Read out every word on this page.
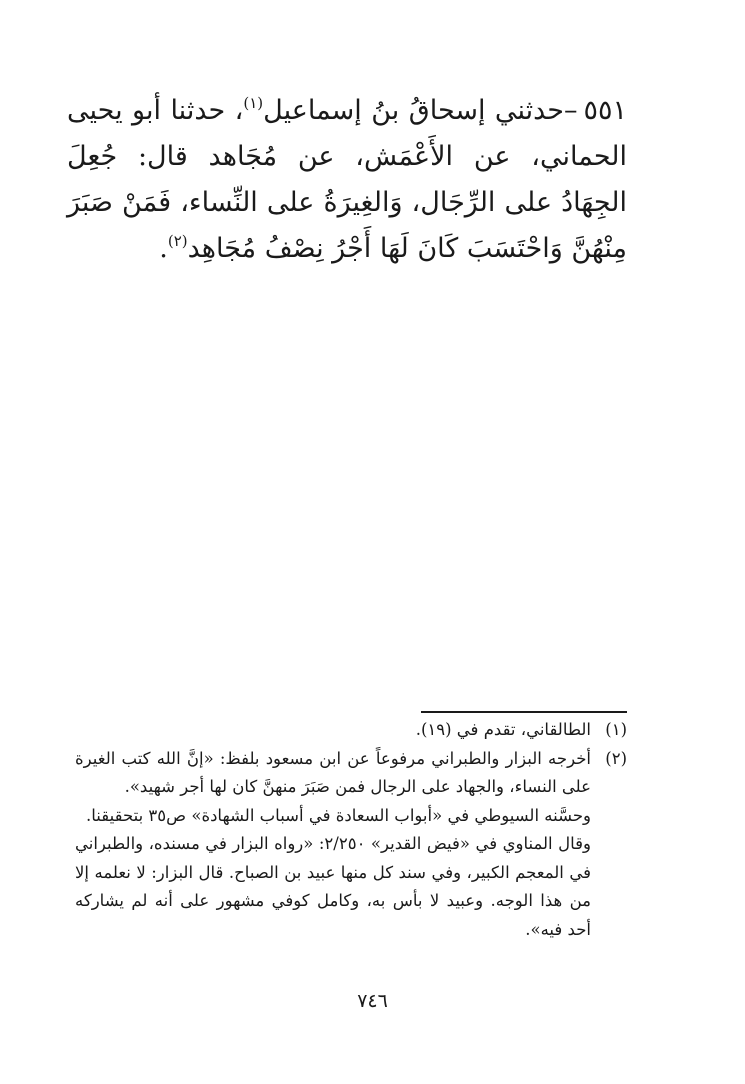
٥٥١–حدثني إسحاقُ بنُ إسماعيل$^{(١)}$، حدثنا أبو يحيى الحماني، عن الأَعْمَش، عن مُجَاهد قال: جُعِلَ الجِهَادُ على الرِّجَال، وَالغِيرَةُ على النِّساء، فَمَنْ صَبَرَ مِنْهُنَّ وَاحْتَسَبَ كَانَ لَهَا أَجْرُ نِصْفُ مُجَاهِد$^{(٢)}$.

(١)

الطالقاني، تقدم في (١٩).

(٢)

أخرجه البزار والطبراني مرفوعاً عن ابن مسعود بلفظ: «إنَّ الله كتب الغيرة على النساء، والجهاد على الرجال فمن صَبَرَ منهنَّ كان لها أجر شهيد».

وحسَّنه السيوطي في «أبواب السعادة في أسباب الشهادة» ص٣٥ بتحقيقنا.

وقال المناوي في «فيض القدير» ٢/٢٥٠: «رواه البزار في مسنده، والطبراني في المعجم الكبير، وفي سند كل منها عبيد بن الصباح. قال البزار: لا نعلمه إلا من هذا الوجه. وعبيد لا بأس به، وكامل كوفي مشهور على أنه لم يشاركه أحد فيه».

٧٤٦
